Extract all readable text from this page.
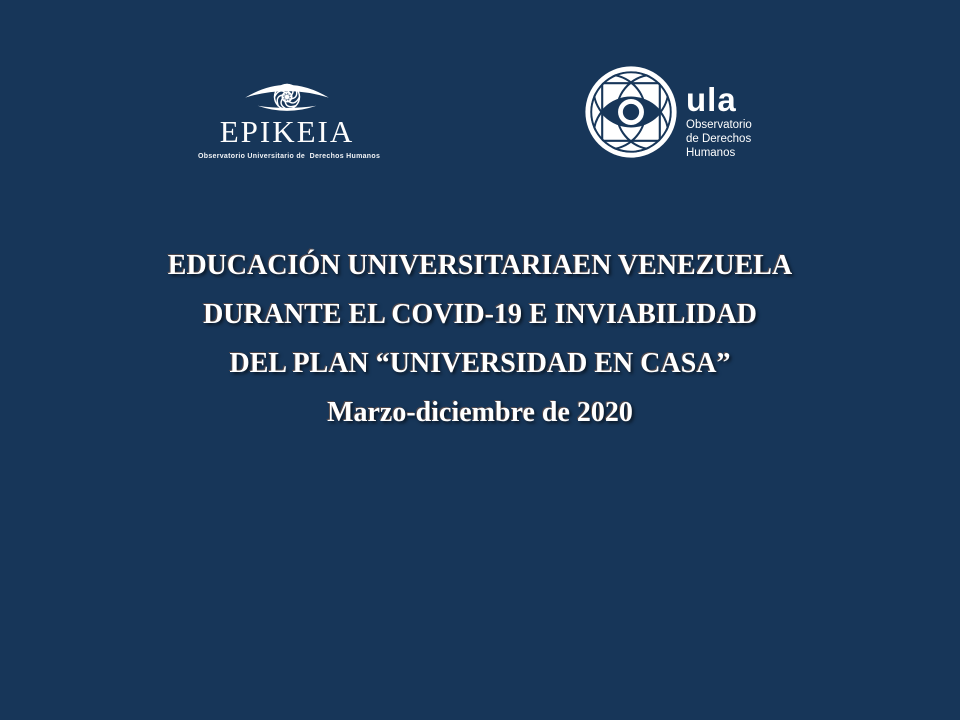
EPIKEIA
Observatorio Universitario de  Derechos Humanos
ula
Observatorio
de Derechos
Humanos
EDUCACIÓN UNIVERSITARIAEN VENEZUELA
DURANTE EL COVID-19 E INVIABILIDAD
DEL PLAN “UNIVERSIDAD EN CASA”
Marzo-diciembre de 2020
